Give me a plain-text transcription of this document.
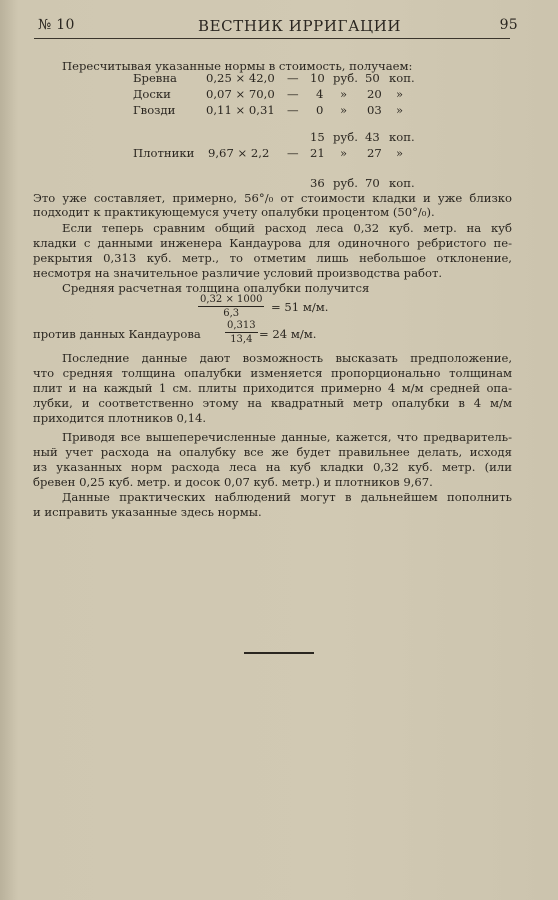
№ 10	ВЕСТНИК ИРРИГАЦИИ	95
Пересчитывая указанные нормы в стоимость, получаем:
Бревна	0,25 × 42,0 — 10 руб. 50 коп.
Доски	0,07 × 70,0 — 4 » 20 »
Гвозди	0,11 × 0,31 — 0 » 03 »
15 руб. 43 коп.
Плотники 9,67 × 2,2 — 21 » 27 »
36 руб. 70 коп.
Это уже составляет, примерно, 56°/₀ от стоимости кладки и уже близко
подходит к практикующемуся учету опалубки процентом (50°/₀).
Если теперь сравним общий расход леса 0,32 куб. метр. на куб
кладки с данными инженера Кандаурова для одиночного ребристого пе-
рекрытия 0,313 куб. метр., то отметим лишь небольшое отклонение,
несмотря на значительное различие условий производства работ.
Средняя расчетная толщина опалубки получится
$\frac{0,32 \times 1000}{6,3} = 51$ м/м.
против данных Кандаурова $\frac{0,313}{13,4} = 24$ м/м.
Последние данные дают возможность высказать предположение,
что средняя толщина опалубки изменяется пропорционально толщинам
плит и на каждый 1 см. плиты приходится примерно 4 м/м средней опа-
лубки, и соответственно этому на квадратный метр опалубки в 4 м/м
приходится плотников 0,14.
Приводя все вышеперечисленные данные, кажется, что предваритель-
ный учет расхода на опалубку все же будет правильнее делать, исходя
из указанных норм расхода леса на куб кладки 0,32 куб. метр. (или
бревен 0,25 куб. метр. и досок 0,07 куб. метр.) и плотников 9,67.
Данные практических наблюдений могут в дальнейшем пополнить
и исправить указанные здесь нормы.
